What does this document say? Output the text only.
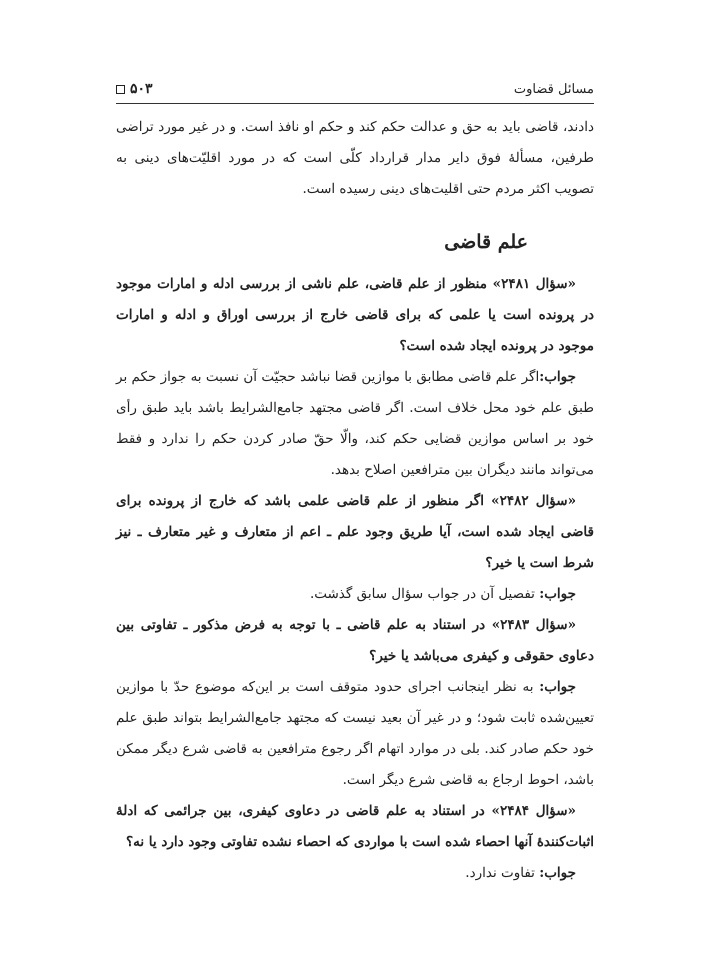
مسائل قضاوت
۵۰۳

دادند، قاضی باید به حق و عدالت حکم کند و حکم او نافذ است. و در غیر مورد تراضی طرفین، مسألهٔ فوق دایر مدار قرارداد کلّی است که در مورد اقلیّت‌های دینی به تصویب اکثر مردم حتی اقلیت‌های دینی رسیده است.

علم قاضی

«سؤال ۲۴۸۱» منظور از علم قاضی، علم ناشی از بررسی ادله و امارات موجود در پرونده است یا علمی که برای قاضی خارج از بررسی اوراق و ادله و امارات موجود در پرونده ایجاد شده است؟

جواب:اگر علم قاضی مطابق با موازین قضا نباشد حجیّت آن نسبت به جواز حکم بر طبق علم خود محل خلاف است. اگر قاضی مجتهد جامع‌الشرایط باشد باید طبق رأی خود بر اساس موازین قضایی حکم کند، والّا حقّ صادر کردن حکم را ندارد و فقط می‌تواند مانند دیگران بین مترافعین اصلاح بدهد.

«سؤال ۲۴۸۲» اگر منظور از علم قاضی علمی باشد که خارج از پرونده برای قاضی ایجاد شده است، آیا طریق وجود علم ـ اعم از متعارف و غیر متعارف ـ نیز شرط است یا خیر؟

جواب: تفصیل آن در جواب سؤال سابق گذشت.

«سؤال ۲۴۸۳» در استناد به علم قاضی ـ با توجه به فرض مذکور ـ تفاوتی بین دعاوی حقوقی و کیفری می‌باشد یا خیر؟

جواب: به نظر اینجانب اجرای حدود متوقف است بر این‌که موضوع حدّ با موازین تعیین‌شده ثابت شود؛ و در غیر آن بعید نیست که مجتهد جامع‌الشرایط بتواند طبق علم خود حکم صادر کند. بلی در موارد اتهام اگر رجوع مترافعین به قاضی شرع دیگر ممکن باشد، احوط ارجاع به قاضی شرع دیگر است.

«سؤال ۲۴۸۴» در استناد به علم قاضی در دعاوی کیفری، بین جرائمی که ادلهٔ اثبات‌کنندهٔ آنها احصاء شده است با مواردی که احصاء نشده تفاوتی وجود دارد یا نه؟

جواب: تفاوت ندارد.
